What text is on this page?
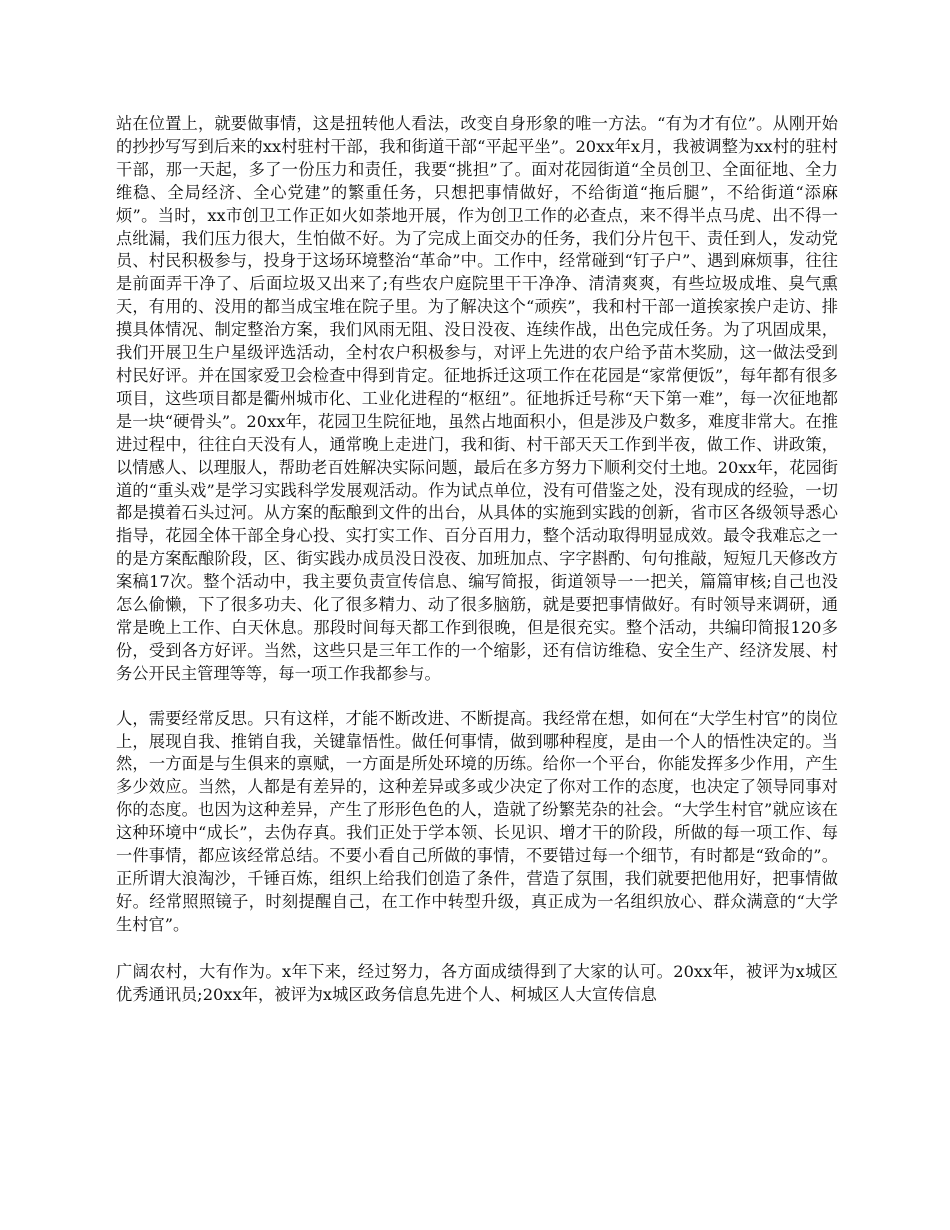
站在位置上，就要做事情，这是扭转他人看法，改变自身形象的唯一方法。“有为才有位”。从刚开始的抄抄写写到后来的xx村驻村干部，我和街道干部“平起平坐”。20xx年x月，我被调整为xx村的驻村干部，那一天起，多了一份压力和责任，我要“挑担”了。面对花园街道“全员创卫、全面征地、全力维稳、全局经济、全心党建”的繁重任务，只想把事情做好，不给街道“拖后腿”，不给街道“添麻烦”。当时，xx市创卫工作正如火如荼地开展，作为创卫工作的必查点，来不得半点马虎、出不得一点纰漏，我们压力很大，生怕做不好。为了完成上面交办的任务，我们分片包干、责任到人，发动党员、村民积极参与，投身于这场环境整治“革命”中。工作中，经常碰到“钉子户”、遇到麻烦事，往往是前面弄干净了、后面垃圾又出来了;有些农户庭院里干干净净、清清爽爽，有些垃圾成堆、臭气熏天，有用的、没用的都当成宝堆在院子里。为了解决这个“顽疾”，我和村干部一道挨家挨户走访、排摸具体情况、制定整治方案，我们风雨无阻、没日没夜、连续作战，出色完成任务。为了巩固成果，我们开展卫生户星级评选活动，全村农户积极参与，对评上先进的农户给予苗木奖励，这一做法受到村民好评。并在国家爱卫会检查中得到肯定。征地拆迁这项工作在花园是“家常便饭”，每年都有很多项目，这些项目都是衢州城市化、工业化进程的“枢纽”。征地拆迁号称“天下第一难”，每一次征地都是一块“硬骨头”。20xx年，花园卫生院征地，虽然占地面积小，但是涉及户数多，难度非常大。在推进过程中，往往白天没有人，通常晚上走进门，我和街、村干部天天工作到半夜，做工作、讲政策，以情感人、以理服人，帮助老百姓解决实际问题，最后在多方努力下顺利交付土地。20xx年，花园街道的“重头戏”是学习实践科学发展观活动。作为试点单位，没有可借鉴之处，没有现成的经验，一切都是摸着石头过河。从方案的酝酿到文件的出台，从具体的实施到实践的创新，省市区各级领导悉心指导，花园全体干部全身心投、实打实工作、百分百用力，整个活动取得明显成效。最令我难忘之一的是方案酝酿阶段，区、街实践办成员没日没夜、加班加点、字字斟酌、句句推敲，短短几天修改方案稿17次。整个活动中，我主要负责宣传信息、编写简报，街道领导一一把关，篇篇审核;自己也没怎么偷懒，下了很多功夫、化了很多精力、动了很多脑筋，就是要把事情做好。有时领导来调研，通常是晚上工作、白天休息。那段时间每天都工作到很晚，但是很充实。整个活动，共编印简报120多份，受到各方好评。当然，这些只是三年工作的一个缩影，还有信访维稳、安全生产、经济发展、村务公开民主管理等等，每一项工作我都参与。

人，需要经常反思。只有这样，才能不断改进、不断提高。我经常在想，如何在“大学生村官”的岗位上，展现自我、推销自我，关键靠悟性。做任何事情，做到哪种程度，是由一个人的悟性决定的。当然，一方面是与生俱来的禀赋，一方面是所处环境的历练。给你一个平台，你能发挥多少作用，产生多少效应。当然，人都是有差异的，这种差异或多或少决定了你对工作的态度，也决定了领导同事对你的态度。也因为这种差异，产生了形形色色的人，造就了纷繁芜杂的社会。“大学生村官”就应该在这种环境中“成长”，去伪存真。我们正处于学本领、长见识、增才干的阶段，所做的每一项工作、每一件事情，都应该经常总结。不要小看自己所做的事情，不要错过每一个细节，有时都是“致命的”。正所谓大浪淘沙，千锤百炼，组织上给我们创造了条件，营造了氛围，我们就要把他用好，把事情做好。经常照照镜子，时刻提醒自己，在工作中转型升级，真正成为一名组织放心、群众满意的“大学生村官”。

广阔农村，大有作为。x年下来，经过努力，各方面成绩得到了大家的认可。20xx年，被评为x城区优秀通讯员;20xx年，被评为x城区政务信息先进个人、柯城区人大宣传信息
